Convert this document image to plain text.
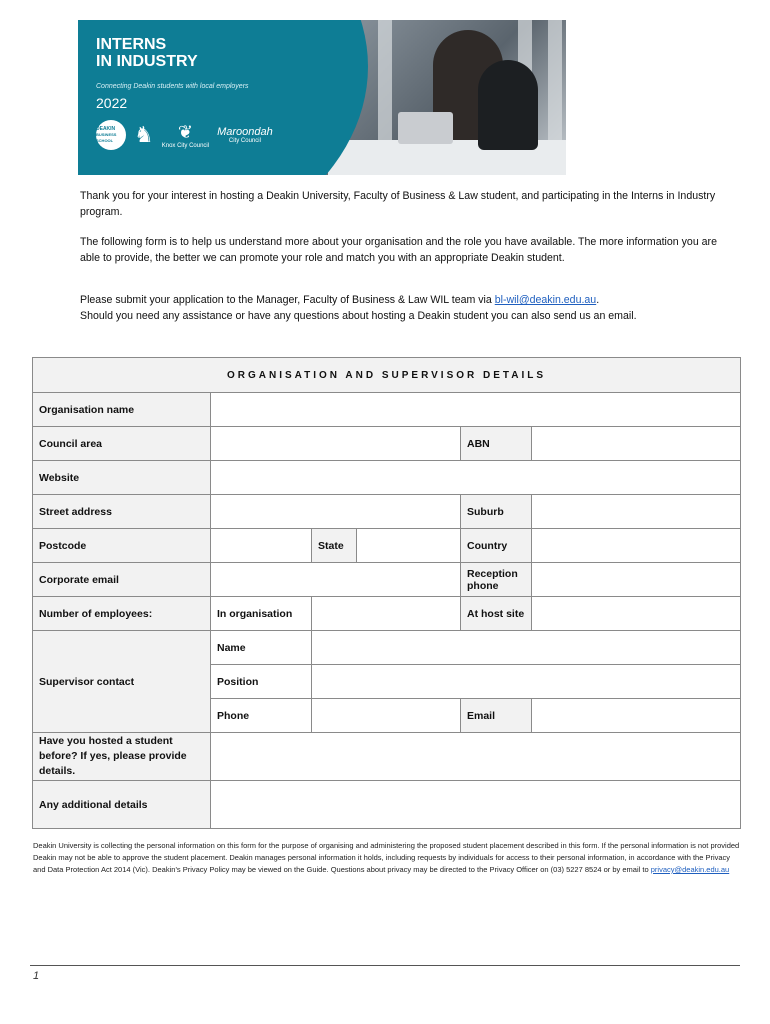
INTERNS
IN INDUSTRY
Connecting Deakin students with local employers
2022
DEAKIN
BUSINESS SCHOOL ♞	❦
Knox City Council
Maroondah
City Council

Thank you for your interest in hosting a Deakin University, Faculty of Business & Law student, and participating in the Interns in Industry program.

The following form is to help us understand more about your organisation and the role you have available. The more information you are able to provide, the better we can promote your role and match you with an appropriate Deakin student.

Please submit your application to the Manager, Faculty of Business & Law WIL team via bl-wil@deakin.edu.au.

Should you need any assistance or have any questions about hosting a Deakin student you can also send us an email.

ORGANISATION AND SUPERVISOR DETAILS					
Organisation name					
Council area				ABN	
Website					
Street address				Suburb	
Postcode		State		Country	
Corporate email				Reception phone	
Number of employees:	In organisation			At host site	
Supervisor contact	Name				
	Position				
	Phone			Email	
Have you hosted a student before? If yes, please provide details.					
Any additional details					
Deakin University is collecting the personal information on this form for the purpose of organising and administering the proposed student placement described in this form. If the personal information is not provided Deakin may not be able to approve the student placement. Deakin manages personal information it holds, including requests by individuals for access to their personal information, in accordance with the Privacy and Data Protection Act 2014 (Vic). Deakin's Privacy Policy may be viewed on the Guide. Questions about privacy may be directed to the Privacy Officer on (03) 5227 8524 or by email to privacy@deakin.edu.au
1
